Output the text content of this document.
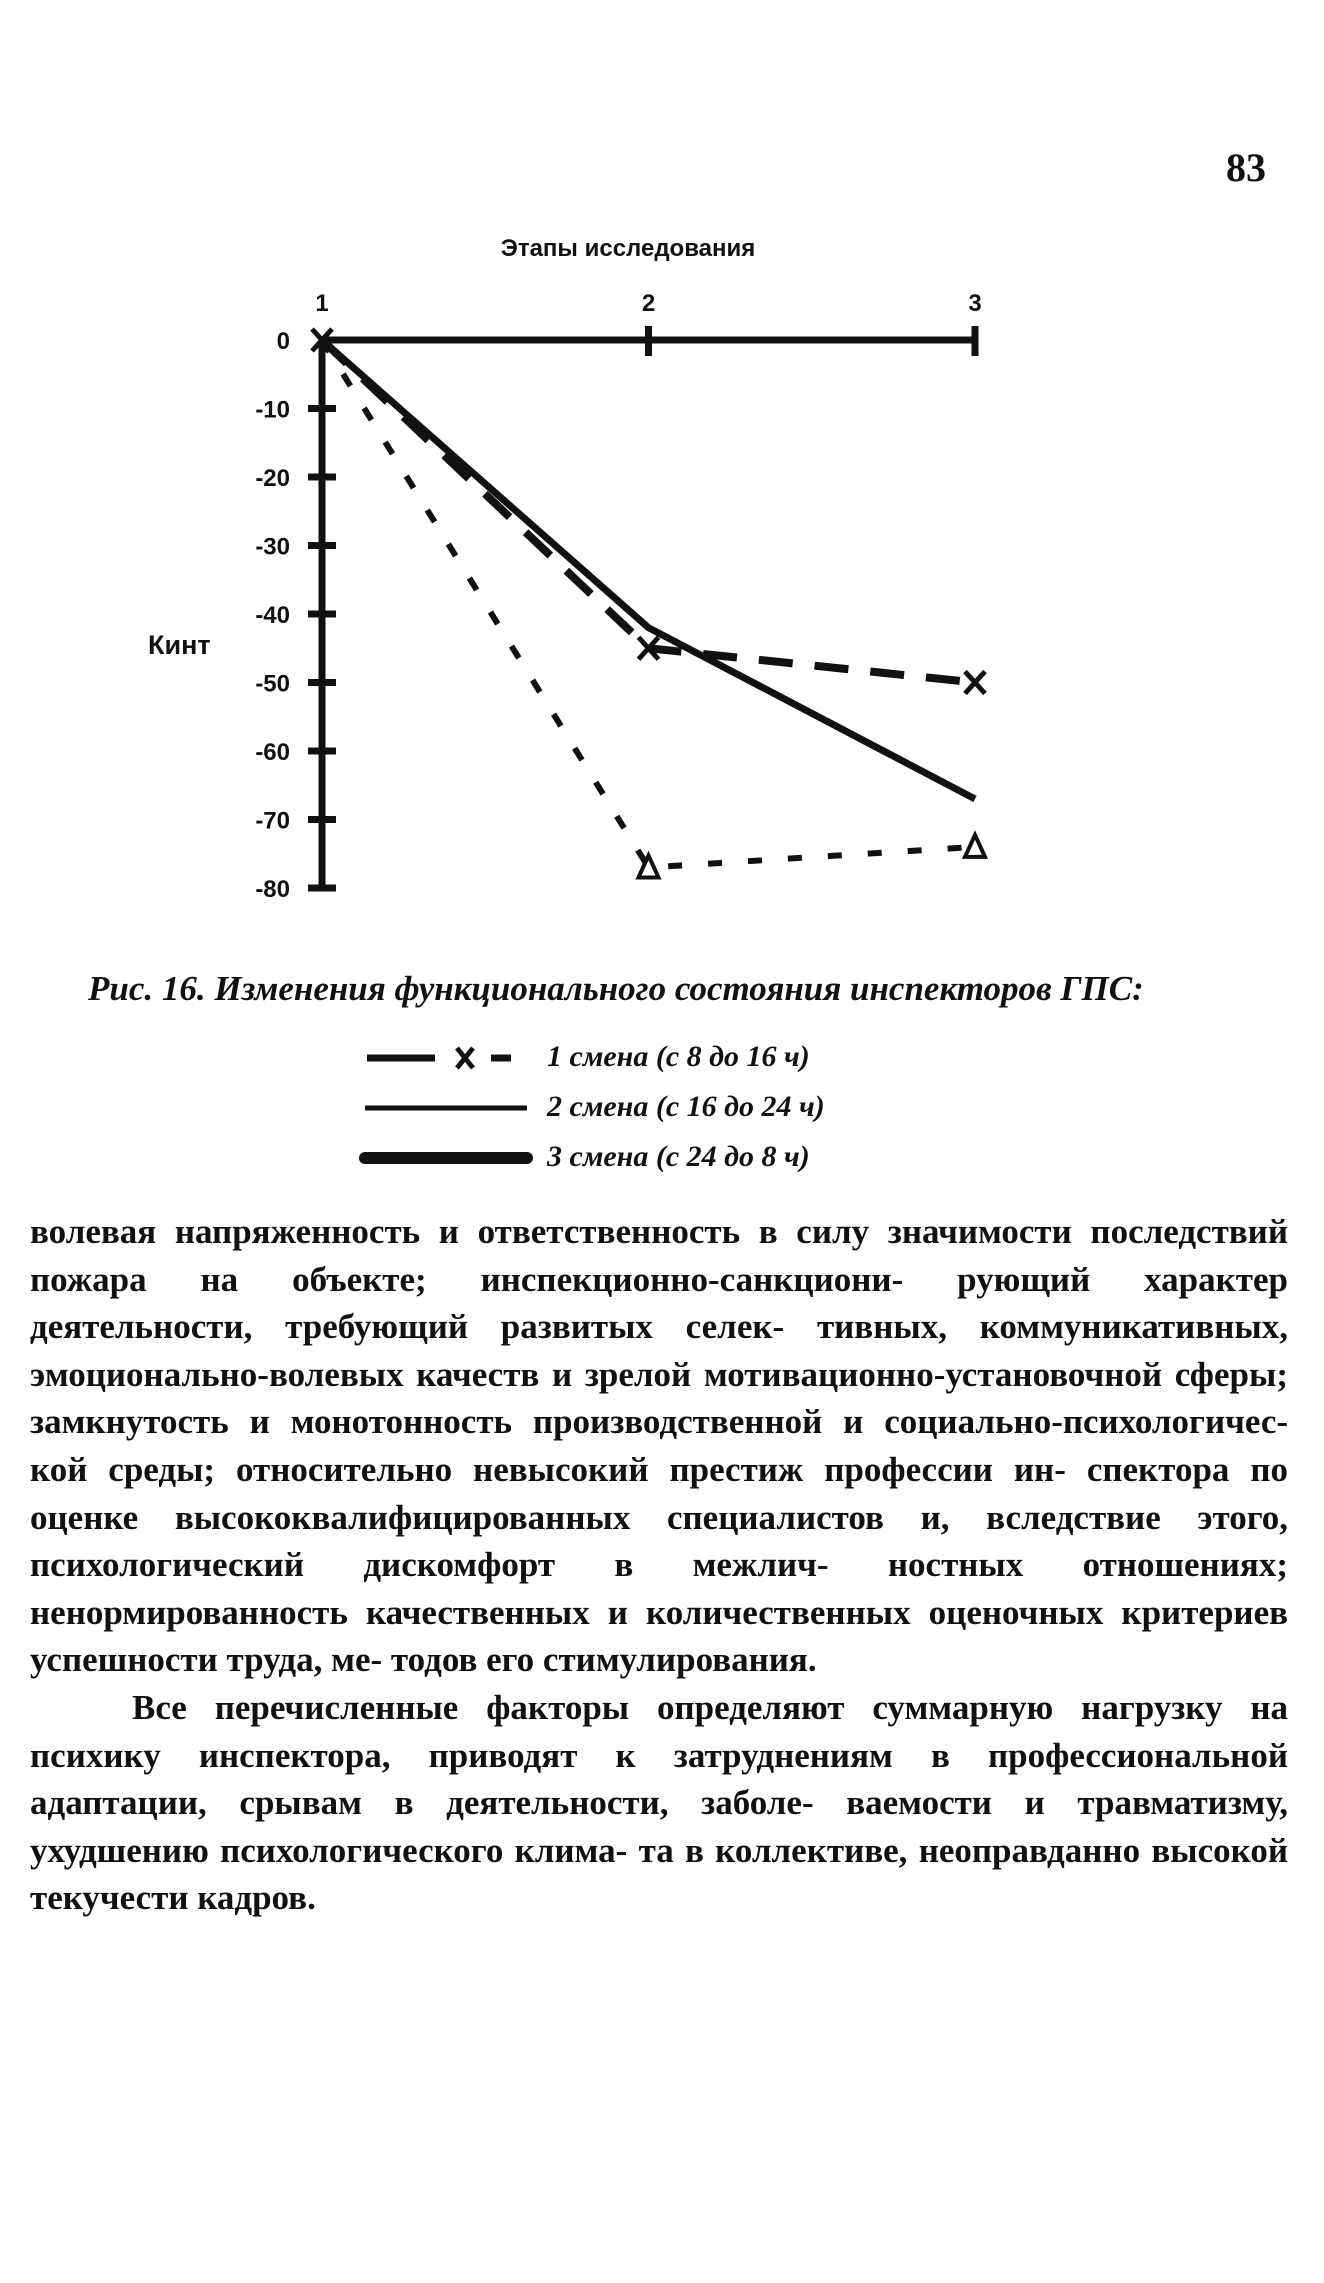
83
Этапы исследования
Кинт
1	2	3
0
-10
-20
-30
-40
-50
-60
-70
-80
Рис. 16. Изменения функционального состояния инспекторов ГПС:
1 смена (с 8 до 16 ч)
2 смена (с 16 до 24 ч)
3 смена (с 24 до 8 ч)

волевая напряженность и ответственность в силу значимости последствий пожара на объекте; инспекционно-санкциони- рующий характер деятельности, требующий развитых селек- тивных, коммуникативных, эмоционально-волевых качеств и зрелой мотивационно-установочной сферы; замкнутость и монотонность производственной и социально-психологичес- кой среды; относительно невысокий престиж профессии ин- спектора по оценке высококвалифицированных специалистов и, вследствие этого, психологический дискомфорт в межлич- ностных отношениях; ненормированность качественных и количественных оценочных критериев успешности труда, ме- тодов его стимулирования.

Все перечисленные факторы определяют суммарную нагрузку на психику инспектора, приводят к затруднениям в профессиональной адаптации, срывам в деятельности, заболе- ваемости и травматизму, ухудшению психологического клима- та в коллективе, неоправданно высокой текучести кадров.
